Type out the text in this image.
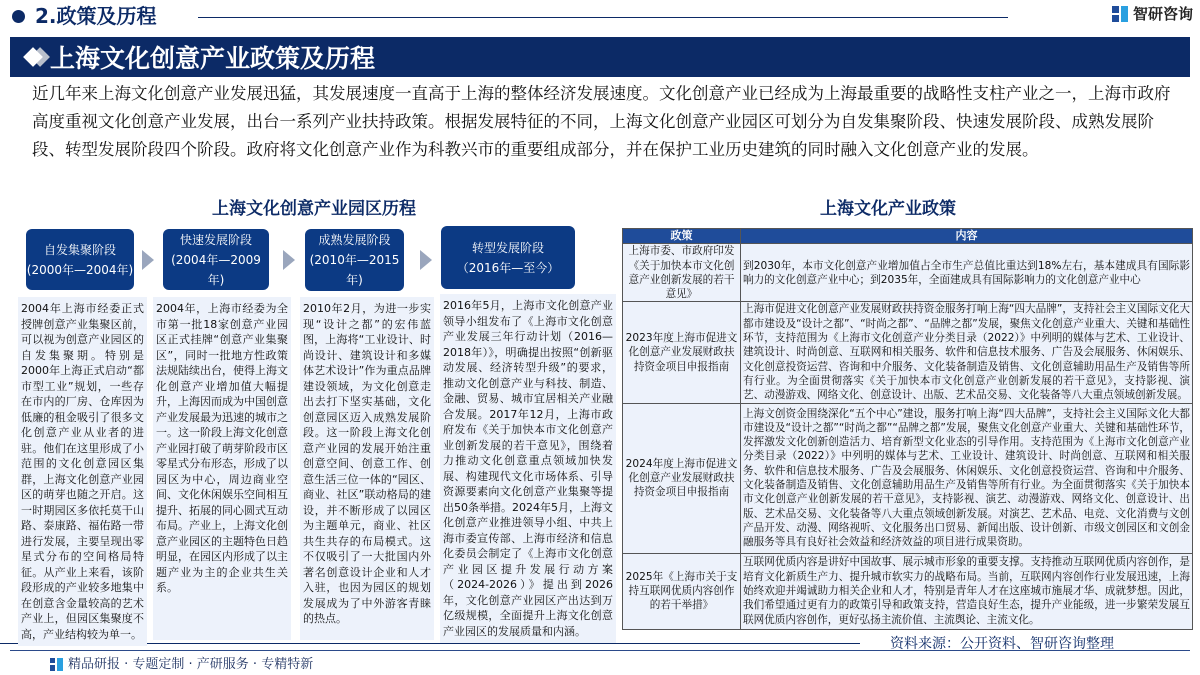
2.政策及历程	智研咨询
上海文化创意产业政策及历程
近几年来上海文化创意产业发展迅猛，其发展速度一直高于上海的整体经济发展速度。文化创意产业已经成为上海最重要的战略性支柱产业之一，上海市政府高度重视文化创意产业发展，出台一系列产业扶持政策。根据发展特征的不同，上海文化创意产业园区可划分为自发集聚阶段、快速发展阶段、成熟发展阶段、转型发展阶段四个阶段。政府将文化创意产业作为科教兴市的重要组成部分，并在保护工业历史建筑的同时融入文化创意产业的发展。
上海文化创意产业园区历程	上海文化产业政策
自发集聚阶段
(2000年—2004年)
快速发展阶段
(2004年—2009年)
成熟发展阶段
(2010年—2015年)
转型发展阶段（2016年—至今）
2004年上海市经委正式授牌创意产业集聚区前，可以视为创意产业园区的自发集聚期。特别是2000年上海正式启动“都市型工业”规划，一些存在市内的厂房、仓库因为低廉的租金吸引了很多文化创意产业从业者的进驻。他们在这里形成了小范围的文化创意园区集群，上海文化创意产业园区的萌芽也随之开启。这一时期园区多依托莫干山路、泰康路、福佑路一带进行发展，主要呈现出零星式分布的空间格局特征。从产业上来看，该阶段形成的产业较多地集中在创意含金量较高的艺术产业上，但园区集聚度不高，产业结构较为单一。
2004年，上海市经委为全市第一批18家创意产业园区正式挂牌“创意产业集聚区”，同时一批地方性政策法规陆续出台，使得上海文化创意产业增加值大幅提升，上海因而成为中国创意产业发展最为迅速的城市之一。这一阶段上海文化创意产业园打破了萌芽阶段市区零星式分布形态，形成了以园区为中心，周边商业空间、文化休闲娱乐空间相互提升、拓展的同心圆式互动布局。产业上，上海文化创意产业园区的主题特色日趋明显，在园区内形成了以主题产业为主的企业共生关系。
2010年2月，为进一步实现“设计之都”的宏伟蓝图，上海将“工业设计、时尚设计、建筑设计和多媒体艺术设计”作为重点品牌建设领域，为文化创意走出去打下坚实基础，文化创意园区迈入成熟发展阶段。这一阶段上海文化创意产业园的发展开始注重创意空间、创意工作、创意生活三位一体的“园区、商业、社区”联动格局的建设，并不断形成了以园区为主题单元，商业、社区共生共存的布局模式。这不仅吸引了一大批国内外著名创意设计企业和人才入驻，也因为园区的规划发展成为了中外游客青睐的热点。
2016年5月，上海市文化创意产业领导小组发布了《上海市文化创意产业发展三年行动计划（2016—2018年）》，明确提出按照“创新驱动发展、经济转型升级”的要求，推动文化创意产业与科技、制造、金融、贸易、城市宜居相关产业融合发展。2017年12月，上海市政府发布《关于加快本市文化创意产业创新发展的若干意见》，围绕着力推动文化创意重点领域加快发展、构建现代文化市场体系、引导资源要素向文化创意产业集聚等提出50条举措。2024年5月，上海文化创意产业推进领导小组、中共上海市委宣传部、上海市经济和信息化委员会制定了《上海市文化创意产业园区提升发展行动方案（2024-2026）》提出到2026年，文化创意产业园区产出达到万亿级规模，全面提升上海文化创意产业园区的发展质量和内涵。
政策	内容
上海市委、市政府印发《关于加快本市文化创意产业创新发展的若干意见》	到2030年，本市文化创意产业增加值占全市生产总值比重达到18%左右，基本建成具有国际影响力的文化创意产业中心；到2035年，全面建成具有国际影响力的文化创意产业中心
2023年度上海市促进文化创意产业发展财政扶持资金项目申报指南	上海市促进文化创意产业发展财政扶持资金服务打响上海“四大品牌”，支持社会主义国际文化大都市建设及“设计之都”、“时尚之都”、“品牌之都”发展，聚焦文化创意产业重大、关键和基础性环节，支持范围为《上海市文化创意产业分类目录（2022）》中列明的媒体与艺术、工业设计、建筑设计、时尚创意、互联网和相关服务、软件和信息技术服务、广告及会展服务、休闲娱乐、文化创意投资运营、咨询和中介服务、文化装备制造及销售、文化创意辅助用品生产及销售等所有行业。为全面贯彻落实《关于加快本市文化创意产业创新发展的若干意见》，支持影视、演艺、动漫游戏、网络文化、创意设计、出版、艺术品交易、文化装备等八大重点领域创新发展。
2024年度上海市促进文化创意产业发展财政扶持资金项目申报指南	上海文创资金围绕深化“五个中心”建设，服务打响上海“四大品牌”，支持社会主义国际文化大都市建设及“设计之都”“时尚之都”“品牌之都”发展，聚焦文化创意产业重大、关键和基础性环节，发挥激发文化创新创造活力、培育新型文化业态的引导作用。支持范围为《上海市文化创意产业分类目录（2022）》中列明的媒体与艺术、工业设计、建筑设计、时尚创意、互联网和相关服务、软件和信息技术服务、广告及会展服务、休闲娱乐、文化创意投资运营、咨询和中介服务、文化装备制造及销售、文化创意辅助用品生产及销售等所有行业。为全面贯彻落实《关于加快本市文化创意产业创新发展的若干意见》，支持影视、演艺、动漫游戏、网络文化、创意设计、出版、艺术品交易、文化装备等八大重点领域创新发展。对演艺、艺术品、电竞、文化消费与文创产品开发、动漫、网络视听、文化服务出口贸易、新闻出版、设计创新、市级文创园区和文创金融服务等具有良好社会效益和经济效益的项目进行成果资助。
2025年《上海市关于支持互联网优质内容创作的若干举措》	互联网优质内容是讲好中国故事、展示城市形象的重要支撑。支持推动互联网优质内容创作，是培育文化新质生产力、提升城市软实力的战略布局。当前，互联网内容创作行业发展迅速，上海始终欢迎并竭诚助力相关企业和人才，特别是青年人才在这座城市施展才华、成就梦想。因此，我们希望通过更有力的政策引导和政策支持，营造良好生态，提升产业能级，进一步繁荣发展互联网优质内容创作，更好弘扬主流价值、主流舆论、主流文化。
资料来源：公开资料、智研咨询整理
精品研报 · 专题定制 · 产研服务 · 专精特新
